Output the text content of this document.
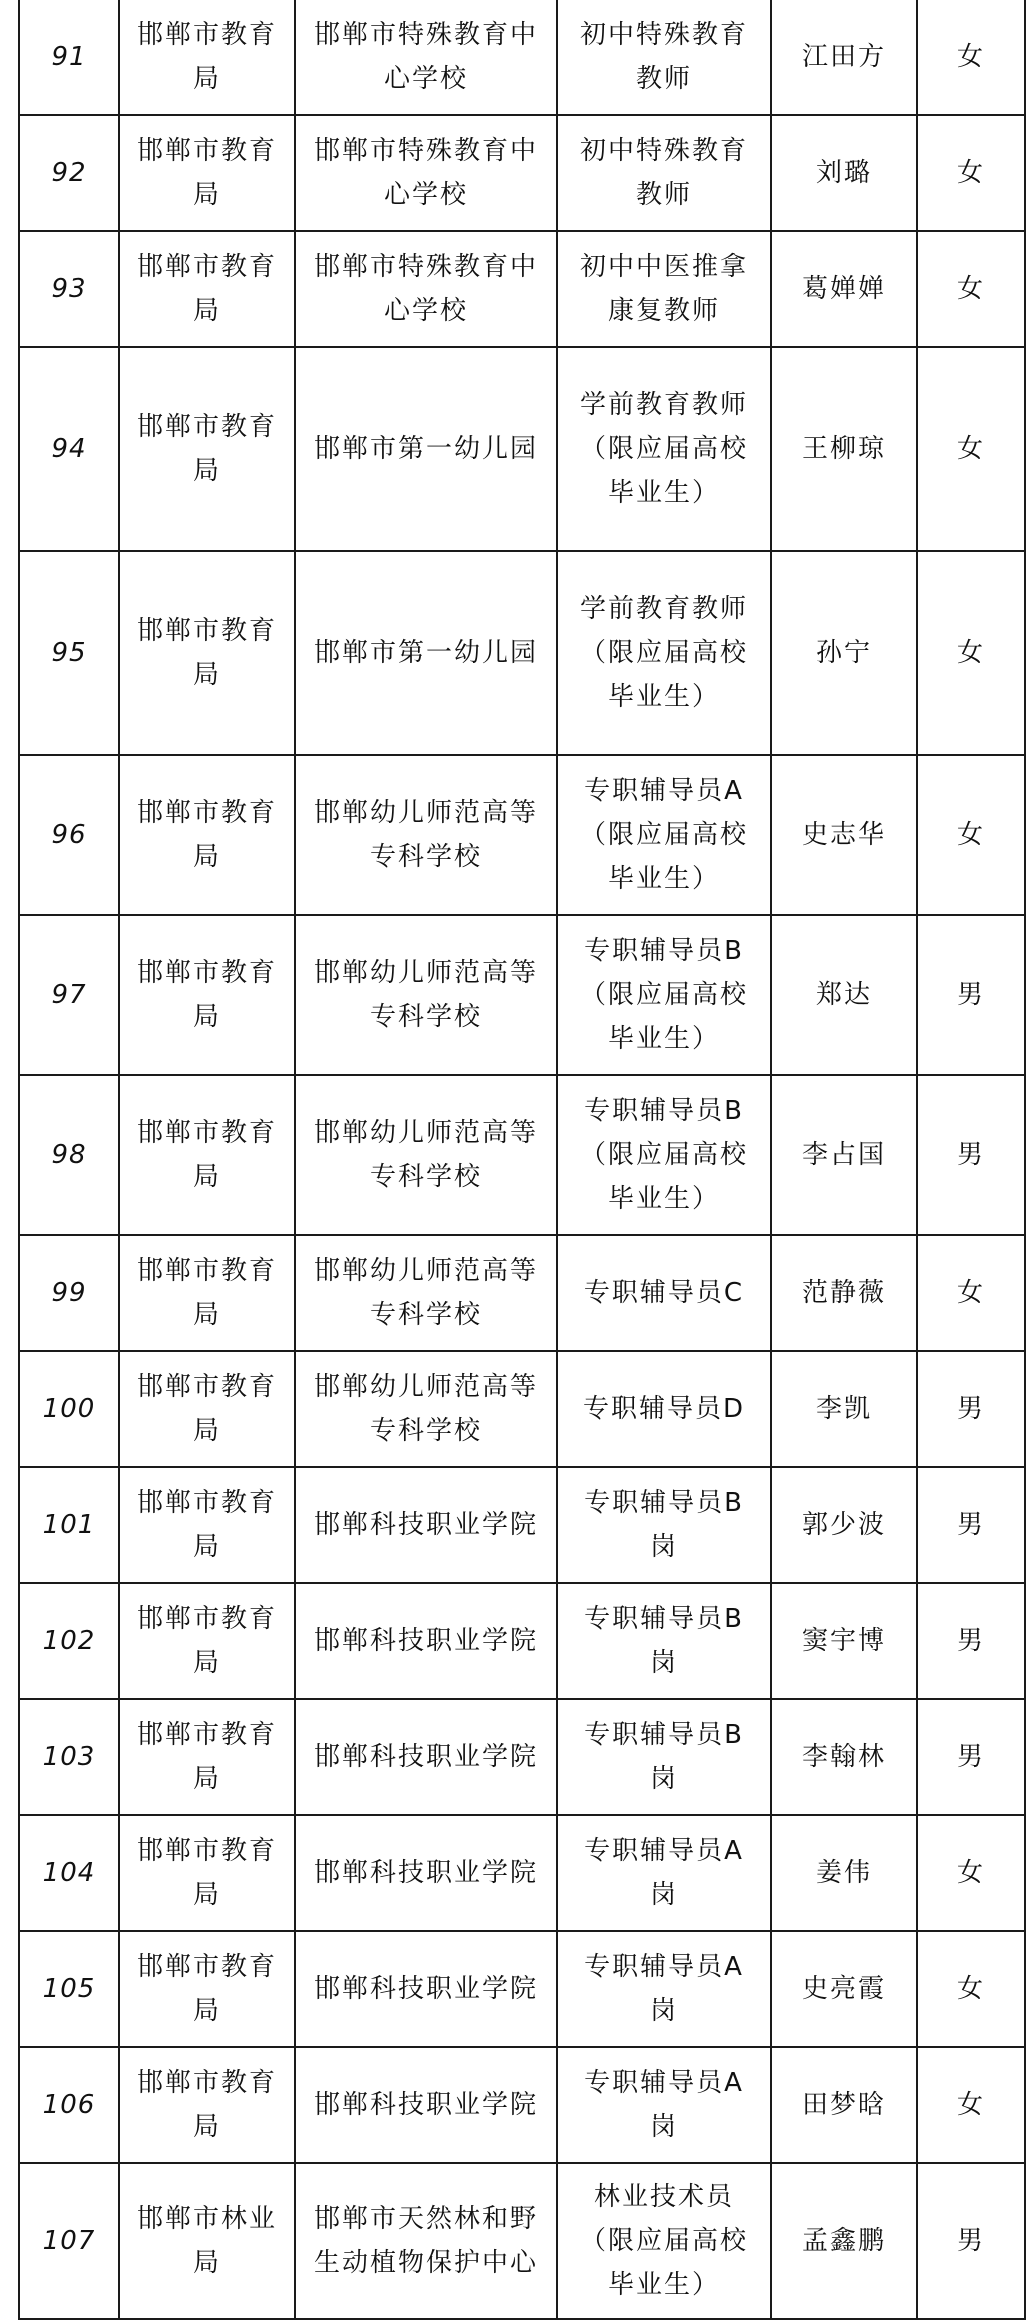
91	邯郸市教育局	邯郸市特殊教育中心学校	初中特殊教育教师	江田方	女
92	邯郸市教育局	邯郸市特殊教育中心学校	初中特殊教育教师	刘璐	女
93	邯郸市教育局	邯郸市特殊教育中心学校	初中中医推拿康复教师	葛婵婵	女
94	邯郸市教育局	邯郸市第一幼儿园	学前教育教师（限应届高校毕业生）	王柳琼	女
95	邯郸市教育局	邯郸市第一幼儿园	学前教育教师（限应届高校毕业生）	孙宁	女
96	邯郸市教育局	邯郸幼儿师范高等专科学校	专职辅导员A（限应届高校毕业生）	史志华	女
97	邯郸市教育局	邯郸幼儿师范高等专科学校	专职辅导员B（限应届高校毕业生）	郑达	男
98	邯郸市教育局	邯郸幼儿师范高等专科学校	专职辅导员B（限应届高校毕业生）	李占国	男
99	邯郸市教育局	邯郸幼儿师范高等专科学校	专职辅导员C	范静薇	女
100	邯郸市教育局	邯郸幼儿师范高等专科学校	专职辅导员D	李凯	男
101	邯郸市教育局	邯郸科技职业学院	专职辅导员B岗	郭少波	男
102	邯郸市教育局	邯郸科技职业学院	专职辅导员B岗	窦宇博	男
103	邯郸市教育局	邯郸科技职业学院	专职辅导员B岗	李翰林	男
104	邯郸市教育局	邯郸科技职业学院	专职辅导员A岗	姜伟	女
105	邯郸市教育局	邯郸科技职业学院	专职辅导员A岗	史亮霞	女
106	邯郸市教育局	邯郸科技职业学院	专职辅导员A岗	田梦晗	女
107	邯郸市林业局	邯郸市天然林和野生动植物保护中心	林业技术员（限应届高校毕业生）	孟鑫鹏	男
